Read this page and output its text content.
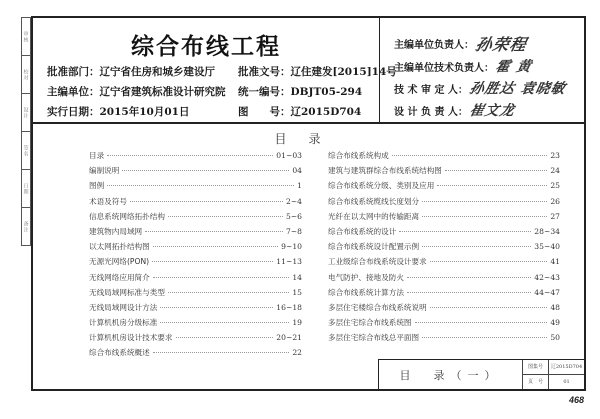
审核
校对
设计
签名
日期
备注
综合布线工程
批准部门：辽宁省住房和城乡建设厅
主编单位：辽宁省建筑标准设计研究院
实行日期：2015年10月01日
批准文号：辽住建发[2015]14号
统一编号：DBJT05-294
图　　号：辽2015D704
主编单位负责人： 孙荣程
主编单位技术负责人： 霍 黄
技 术 审 定 人： 孙胜达 袁晓敏
设 计 负 责 人： 崔文龙
目录
目录	01~03
编制说明	04
图例	1
术语及符号	2~4
信息系统网络拓扑结构	5~6
建筑物内局域网	7~8
以太网拓扑结构图	9~10
无源光网络(PON)	11~13
无线网络应用简介	14
无线局域网标准与类型	15
无线局域网设计方法	16~18
计算机机房分级标准	19
计算机机房设计技术要求	20~21
综合布线系统概述	22
综合布线系统构成	23
建筑与建筑群综合布线系统结构图	24
综合布线系统分级、类别及应用	25
综合布线系统缆线长度划分	26
光纤在以太网中的传输距离	27
综合布线系统的设计	28~34
综合布线系统设计配置示例	35~40
工业级综合布线系统设计要求	41
电气防护、接地及防火	42~43
综合布线系统计算方法	44~47
多层住宅楼综合布线系统说明	48
多层住宅综合布线系统图	49
多层住宅综合布线总平面图	50
目　录（一）
图集号	辽2015D704
页　号	01
468
